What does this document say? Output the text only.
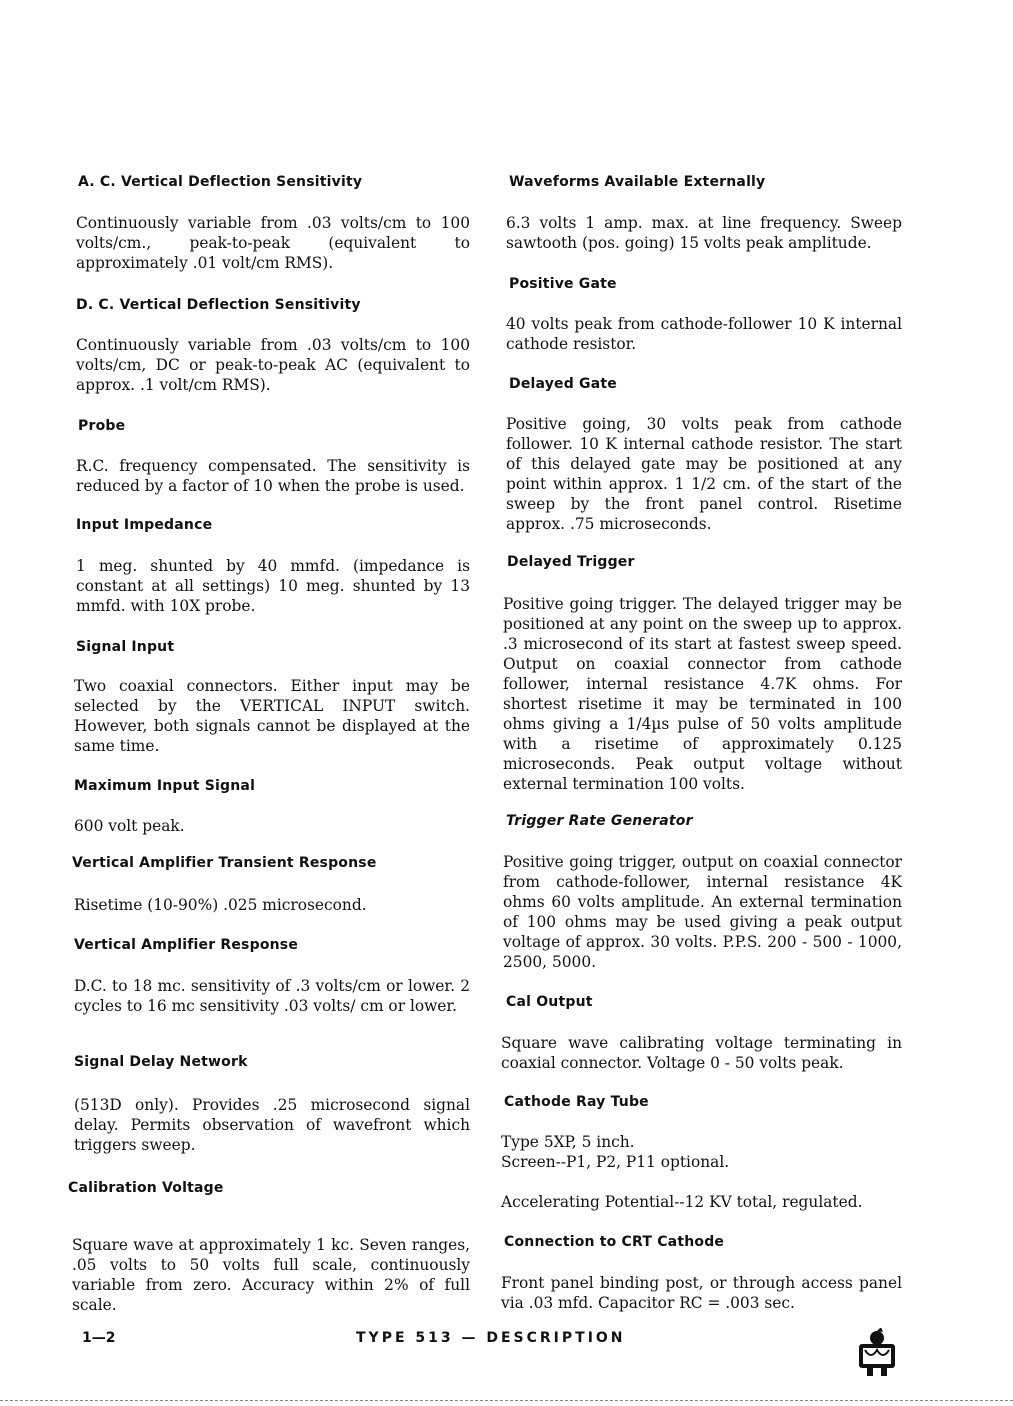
A. C. Vertical Deflection Sensitivity

Continuously variable from .03 volts/cm to 100 volts/cm., peak-to-peak (equivalent to approximately .01 volt/cm RMS).

D. C. Vertical Deflection Sensitivity

Continuously variable from .03 volts/cm to 100 volts/cm, DC or peak-to-peak AC (equivalent to approx. .1 volt/cm RMS).

Probe

R.C. frequency compensated. The sensitivity is reduced by a factor of 10 when the probe is used.

Input Impedance

1 meg. shunted by 40 mmfd. (impedance is constant at all settings) 10 meg. shunted by 13 mmfd. with 10X probe.

Signal Input

Two coaxial connectors. Either input may be selected by the VERTICAL INPUT switch. However, both signals cannot be displayed at the same time.

Maximum Input Signal

600 volt peak.

Vertical Amplifier Transient Response

Risetime (10-90%) .025 microsecond.

Vertical Amplifier Response

D.C. to 18 mc. sensitivity of .3 volts/cm or lower. 2 cycles to 16 mc sensitivity .03 volts/ cm or lower.

Signal Delay Network

(513D only). Provides .25 microsecond signal delay. Permits observation of wavefront which triggers sweep.

Calibration Voltage

Square wave at approximately 1 kc. Seven ranges, .05 volts to 50 volts full scale, continuously variable from zero. Accuracy within 2% of full scale.

Waveforms Available Externally

6.3 volts 1 amp. max. at line frequency. Sweep sawtooth (pos. going) 15 volts peak amplitude.

Positive Gate

40 volts peak from cathode-follower 10 K internal cathode resistor.

Delayed Gate

Positive going, 30 volts peak from cathode follower. 10 K internal cathode resistor. The start of this delayed gate may be positioned at any point within approx. 1 1/2 cm. of the start of the sweep by the front panel control. Risetime approx. .75 microseconds.

Delayed Trigger

Positive going trigger. The delayed trigger may be positioned at any point on the sweep up to approx. .3 microsecond of its start at fastest sweep speed. Output on coaxial connector from cathode follower, internal resistance 4.7K ohms. For shortest risetime it may be terminated in 100 ohms giving a 1/4µs pulse of 50 volts amplitude with a risetime of approximately 0.125 microseconds. Peak output voltage without external termination 100 volts.

Trigger Rate Generator

Positive going trigger, output on coaxial connector from cathode-follower, internal resistance 4K ohms 60 volts amplitude. An external termination of 100 ohms may be used giving a peak output voltage of approx. 30 volts. P.P.S. 200 - 500 - 1000, 2500, 5000.

Cal Output

Square wave calibrating voltage terminating in coaxial connector. Voltage 0 - 50 volts peak.

Cathode Ray Tube

Type 5XP, 5 inch.

Screen--P1, P2, P11 optional.

Accelerating Potential--12 KV total, regulated.

Connection to CRT Cathode

Front panel binding post, or through access panel via .03 mfd. Capacitor RC = .003 sec.

1—2	TYPE 513 — DESCRIPTION
